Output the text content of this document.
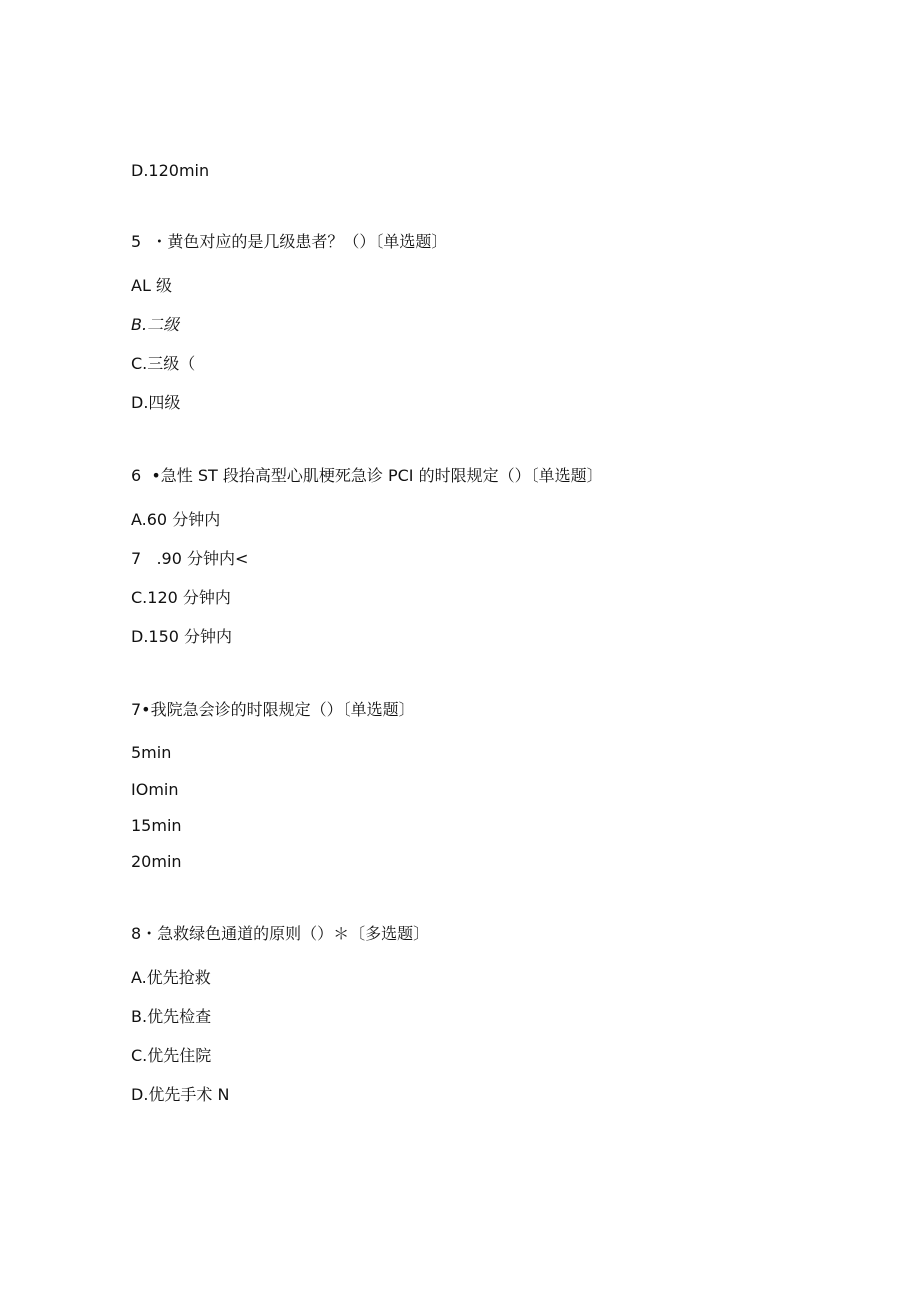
D.120min
5  ・黄色对应的是几级患者？（）〔单选题〕
AL 级
B.二级
C.三级（
D.四级
6  •急性 ST 段抬高型心肌梗死急诊 PCI 的时限规定（）〔单选题〕
A.60 分钟内
7   .90 分钟内<
C.120 分钟内
D.150 分钟内
7•我院急会诊的时限规定（）〔单选题〕
5min
IOmin
15min
20min
8・急救绿色通道的原则（）＊〔多选题〕
A.优先抢救
B.优先检查
C.优先住院
D.优先手术 N
